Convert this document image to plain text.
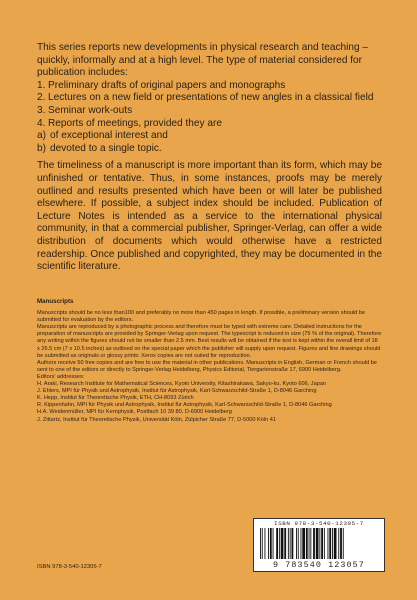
This series reports new developments in physical research and teaching – quickly, informally and at a high level. The type of material considered for publication includes:

1. Preliminary drafts of original papers and monographs
2. Lectures on a new field or presentations of new angles in a classical field
3. Seminar work-outs
4. Reports of meetings, provided they are
a) of exceptional interest and
b) devoted to a single topic.

The timeliness of a manuscript is more important than its form, which may be unfinished or tentative. Thus, in some instances, proofs may be merely outlined and results presented which have been or will later be published elsewhere. If possible, a subject index should be included. Publication of Lecture Notes is intended as a service to the international physical community, in that a commercial publisher, Springer-Verlag, can offer a wide distribution of documents which would otherwise have a restricted readership. Once published and copyrighted, they may be documented in the scientific literature.

Manuscripts

Manuscripts should be no less than100 and preferably no more than 450 pages in length. If possible, a preliminary version should be submitted for evaluation by the editors.

Manuscripts are reproduced by a photographic process and therefore must be typed with extreme care. Detailed instructions for the preparation of manuscripts are provided by Springer-Verlag upon request. The typescript is reduced in size (75 % of the original). Therefore any writing within the figures should not be smaller than 2.5 mm. Best results will be obtained if the text is kept within the overall limit of 18 x 26.5 cm (7 x 10.5 inches) as outlined on the special paper which the publisher will supply upon request. Figures and line drawings should be submitted as originals or glossy prints: Xerox copies are not suited for reproduction.

Authors receive 50 free copies and are free to use the material in other publications. Manuscripts in English, German or French should be sent to one of the editors or directly to Springer-Verlag Heidelberg, Physics Editorial, Tiergartenstraße 17, 6900 Heidelberg.

Editors' addresses:

H. Araki, Research Institute for Mathematical Sciences, Kyoto University, Kitashirakawa, Sakyo-ku, Kyoto 606, Japan

J. Ehlers, MPI für Physik und Astrophysik, Institut für Astrophysik, Karl-Schwarzschild-Straße 1, D-8046 Garching

K. Hepp, Institut für Theoretische Physik, ETH, CH-8093 Zürich

R. Kippenhahn, MPI für Physik und Astrophysik, Institut für Astrophysik, Karl-Schwarzschild-Straße 1, D-8046 Garching

H.A. Weidenmüller, MPI für Kernphysik, Postfach 10 39 80, D-6900 Heidelberg

J. Zittartz, Institut für Theoretische Physik, Universität Köln, Zülpicher Straße 77, D-5000 Köln 41

ISBN 978-3-540-12305-7
9 783540 123057
ISBN 978-3-540-12305-7
